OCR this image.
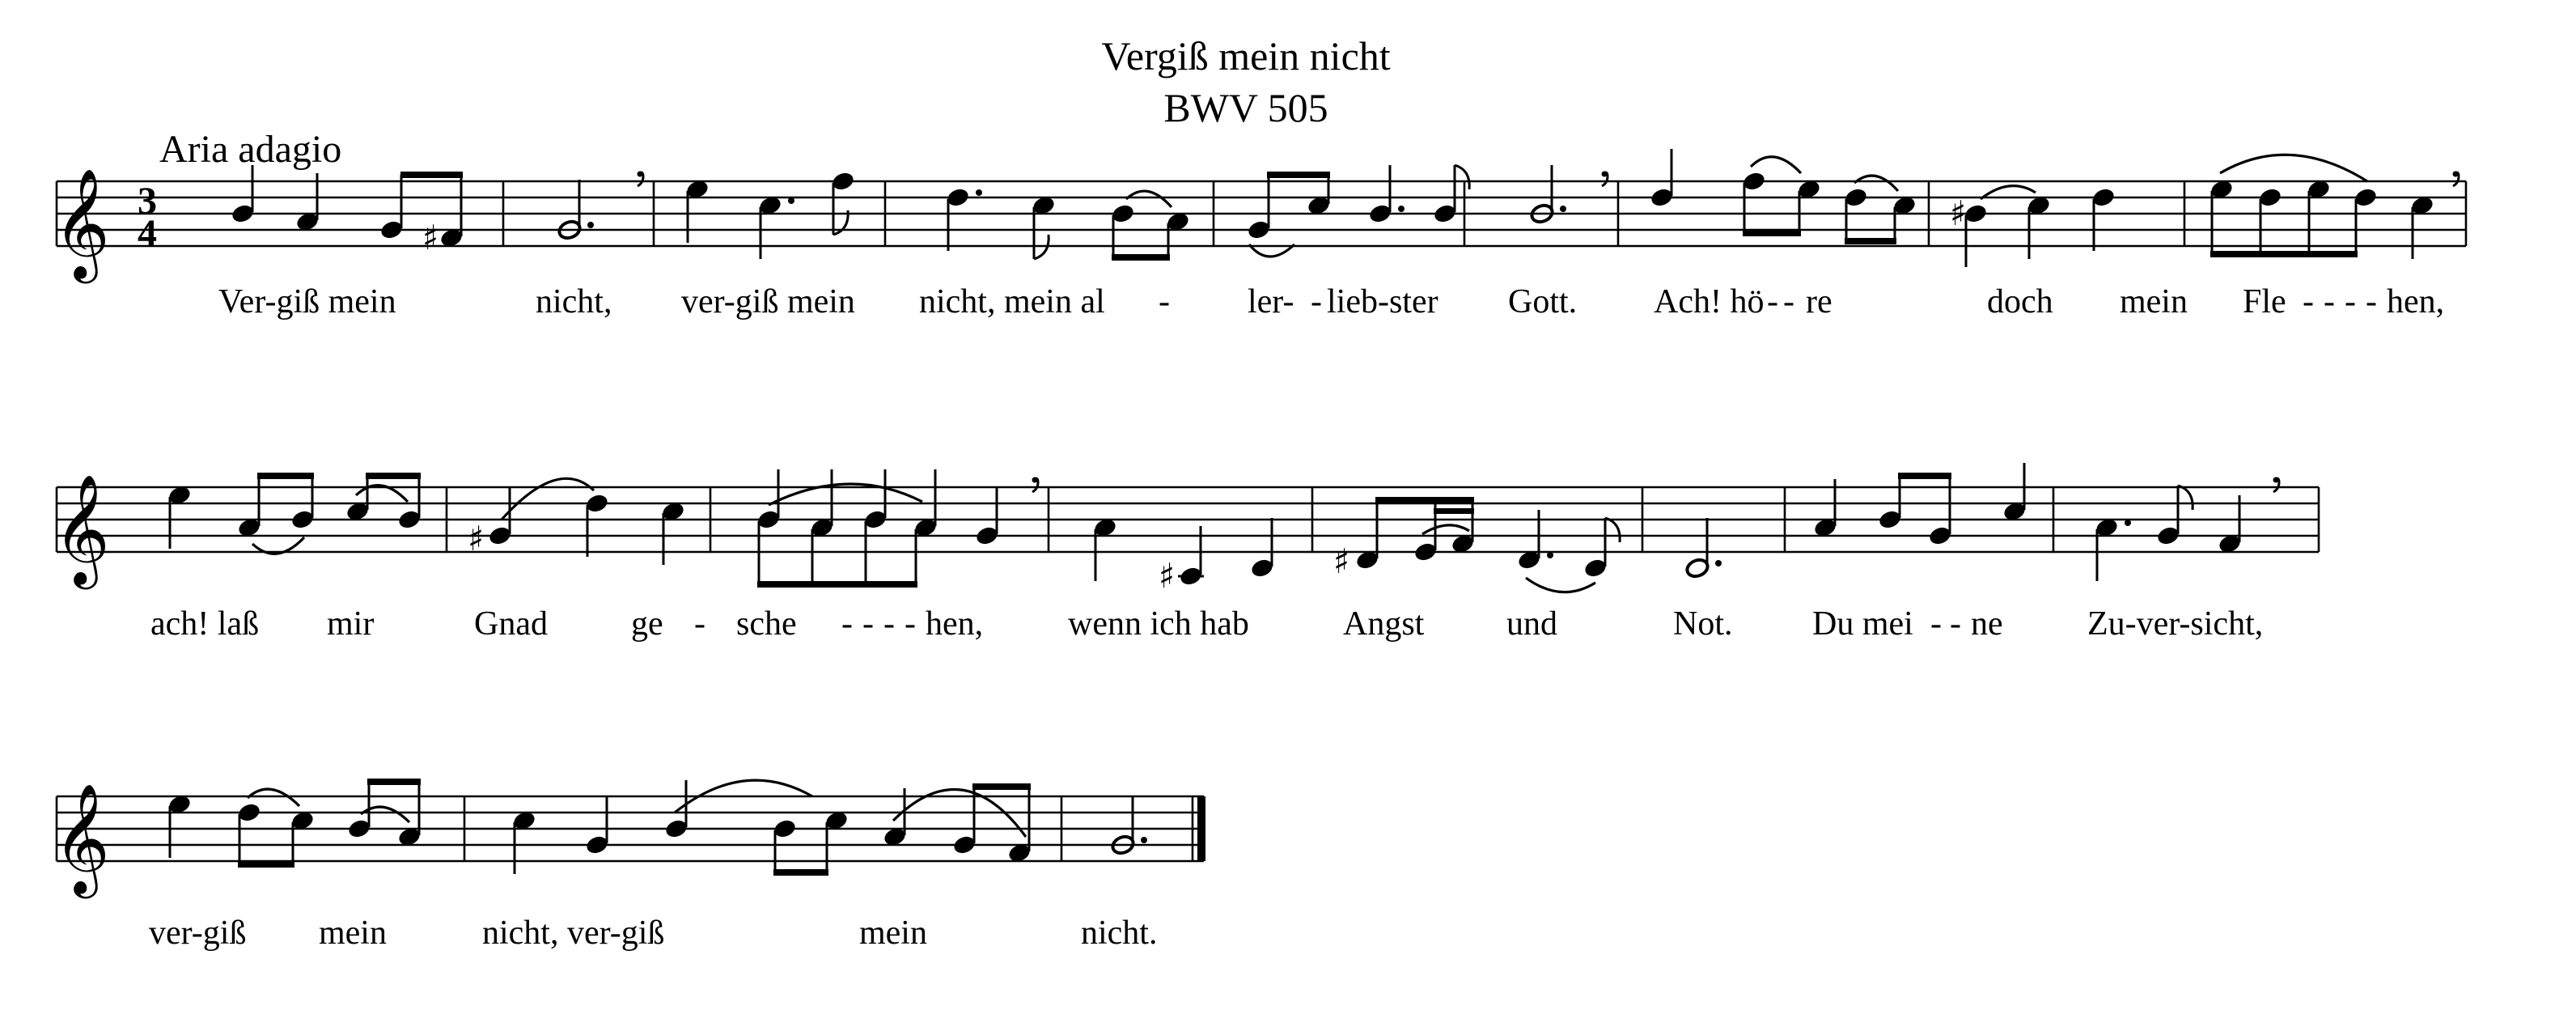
Vergiß mein nicht
BWV 505
Aria adagio
𝄞 3
4	♯
♯
Ver-giß mein	nicht, ver-giß mein nicht, mein al - ler- - lieb-ster Gott. Ach! hö - - re	doch mein Fle - - - - hen,
𝄞	♯
♯	♯
ach! laß mir	Gnad ge - sche - - - - hen, wenn ich hab	Angst und	Not. Du mei - - ne Zu-ver-sicht,
𝄞
ver-giß mein	nicht, ver-giß	mein	nicht.
